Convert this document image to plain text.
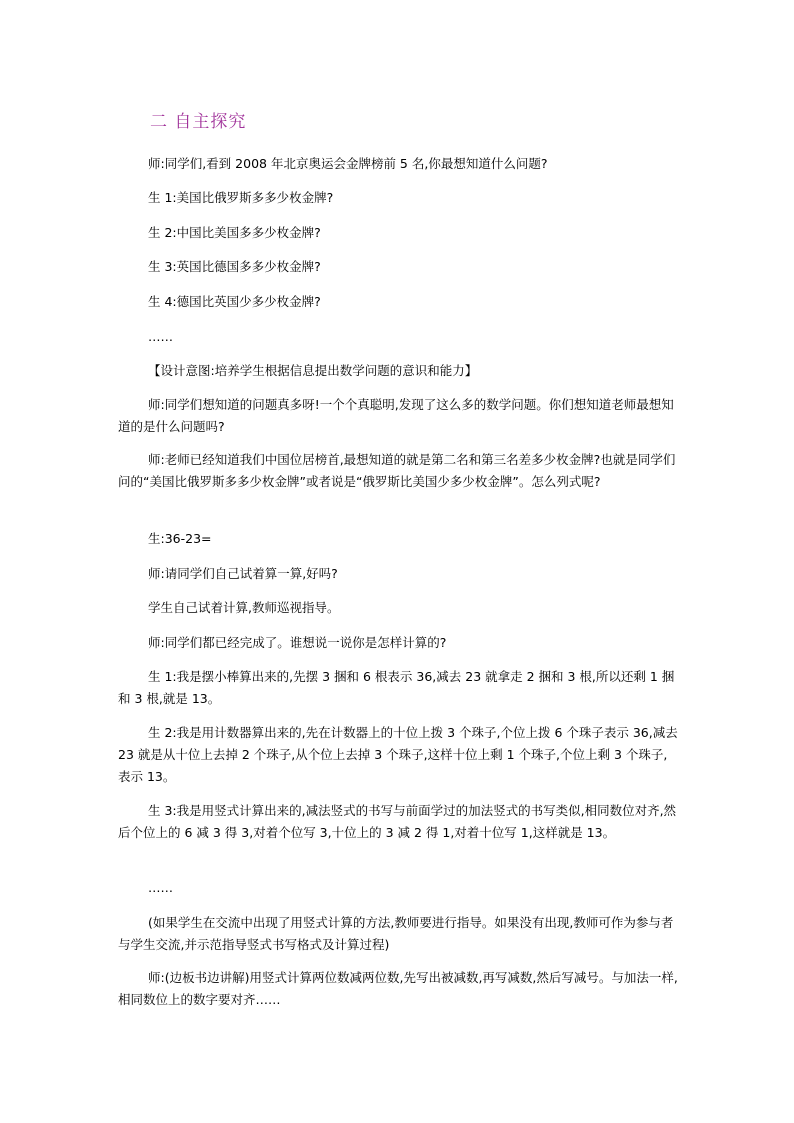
二 自主探究
师:同学们,看到 2008 年北京奥运会金牌榜前 5 名,你最想知道什么问题?
生 1:美国比俄罗斯多多少枚金牌?
生 2:中国比美国多多少枚金牌?
生 3:英国比德国多多少枚金牌?
生 4:德国比英国少多少枚金牌?
……
【设计意图:培养学生根据信息提出数学问题的意识和能力】
师:同学们想知道的问题真多呀!一个个真聪明,发现了这么多的数学问题。你们想知道老师最想知道的是什么问题吗?
师:老师已经知道我们中国位居榜首,最想知道的就是第二名和第三名差多少枚金牌?也就是同学们问的“美国比俄罗斯多多少枚金牌”或者说是“俄罗斯比美国少多少枚金牌”。怎么列式呢?
生:36-23=
师:请同学们自己试着算一算,好吗?
学生自己试着计算,教师巡视指导。
师:同学们都已经完成了。谁想说一说你是怎样计算的?
生 1:我是摆小棒算出来的,先摆 3 捆和 6 根表示 36,减去 23 就拿走 2 捆和 3 根,所以还剩 1 捆和 3 根,就是 13。
生 2:我是用计数器算出来的,先在计数器上的十位上拨 3 个珠子,个位上拨 6 个珠子表示 36,减去 23 就是从十位上去掉 2 个珠子,从个位上去掉 3 个珠子,这样十位上剩 1 个珠子,个位上剩 3 个珠子,表示 13。
生 3:我是用竖式计算出来的,减法竖式的书写与前面学过的加法竖式的书写类似,相同数位对齐,然后个位上的 6 减 3 得 3,对着个位写 3,十位上的 3 减 2 得 1,对着十位写 1,这样就是 13。
……
(如果学生在交流中出现了用竖式计算的方法,教师要进行指导。如果没有出现,教师可作为参与者与学生交流,并示范指导竖式书写格式及计算过程)
师:(边板书边讲解)用竖式计算两位数减两位数,先写出被减数,再写减数,然后写减号。与加法一样,相同数位上的数字要对齐……
